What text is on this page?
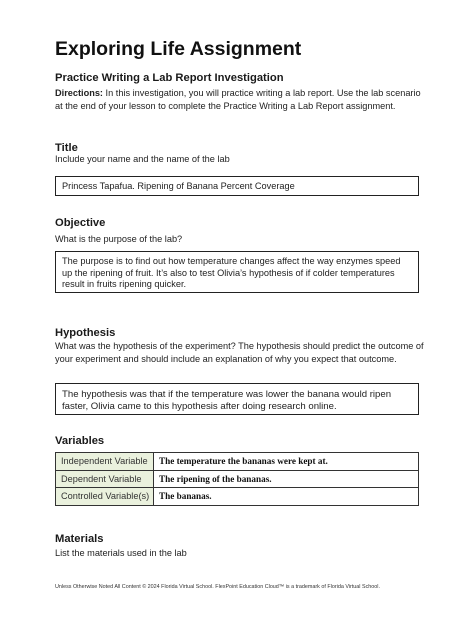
Exploring Life Assignment
Practice Writing a Lab Report Investigation
Directions: In this investigation, you will practice writing a lab report. Use the lab scenario at the end of your lesson to complete the Practice Writing a Lab Report assignment.
Title
Include your name and the name of the lab
Princess Tapafua. Ripening of Banana Percent Coverage
Objective
What is the purpose of the lab?
The purpose is to find out how temperature changes affect the way enzymes speed up the ripening of fruit. It’s also to test Olivia’s hypothesis of if colder temperatures result in fruits ripening quicker.
Hypothesis
What was the hypothesis of the experiment? The hypothesis should predict the outcome of your experiment and should include an explanation of why you expect that outcome.
The hypothesis was that if the temperature was lower the banana would ripen faster, Olivia came to this hypothesis after doing research online.
Variables
Independent Variable	The temperature the bananas were kept at.
Dependent Variable	The ripening of the bananas.
Controlled Variable(s)	The bananas.
Materials
List the materials used in the lab
Unless Otherwise Noted All Content © 2024 Florida Virtual School. FlexPoint Education Cloud™ is a trademark of Florida Virtual School.
